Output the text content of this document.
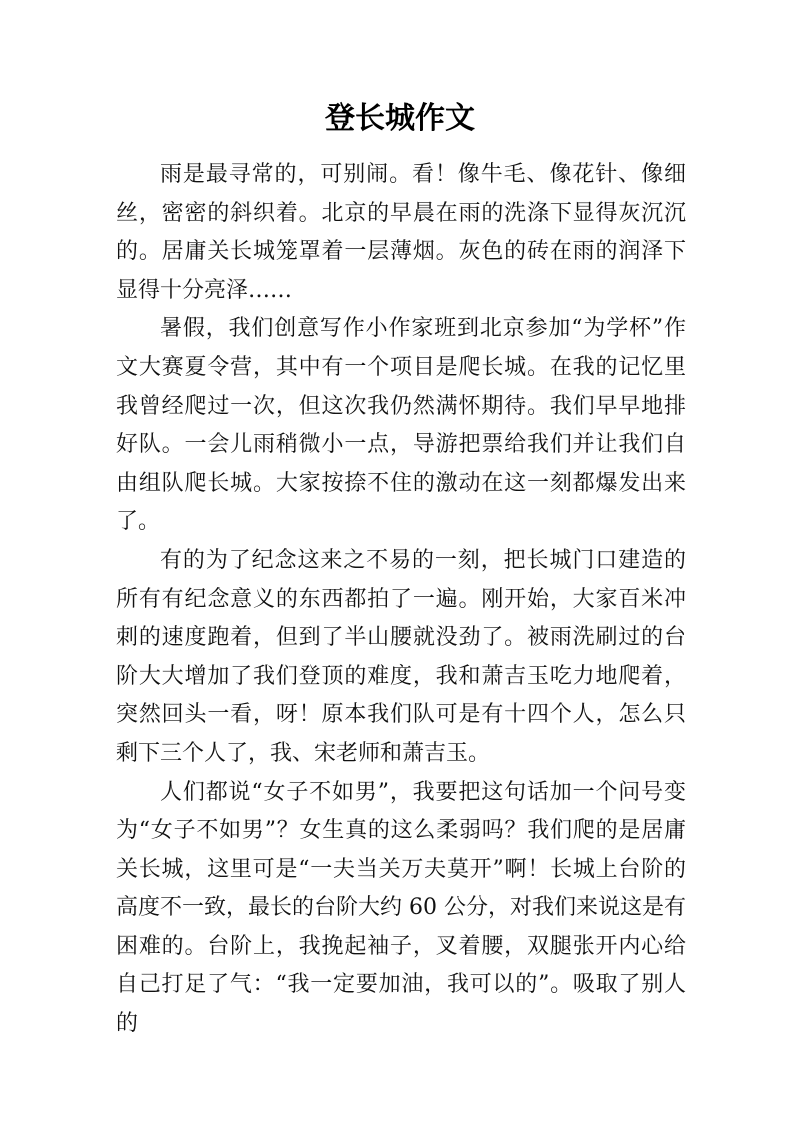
登长城作文

雨是最寻常的，可别闹。看！像牛毛、像花针、像细丝，密密的斜织着。北京的早晨在雨的洗涤下显得灰沉沉的。居庸关长城笼罩着一层薄烟。灰色的砖在雨的润泽下显得十分亮泽……

暑假，我们创意写作小作家班到北京参加“为学杯”作文大赛夏令营，其中有一个项目是爬长城。在我的记忆里我曾经爬过一次，但这次我仍然满怀期待。我们早早地排好队。一会儿雨稍微小一点，导游把票给我们并让我们自由组队爬长城。大家按捺不住的激动在这一刻都爆发出来了。

有的为了纪念这来之不易的一刻，把长城门口建造的所有有纪念意义的东西都拍了一遍。刚开始，大家百米冲刺的速度跑着，但到了半山腰就没劲了。被雨洗刷过的台阶大大增加了我们登顶的难度，我和萧吉玉吃力地爬着，突然回头一看，呀！原本我们队可是有十四个人，怎么只剩下三个人了，我、宋老师和萧吉玉。

人们都说“女子不如男”，我要把这句话加一个问号变为“女子不如男”？女生真的这么柔弱吗？我们爬的是居庸关长城，这里可是“一夫当关万夫莫开”啊！长城上台阶的高度不一致，最长的台阶大约 60 公分，对我们来说这是有困难的。台阶上，我挽起袖子，叉着腰，双腿张开内心给自己打足了气：“我一定要加油，我可以的”。吸取了别人的
